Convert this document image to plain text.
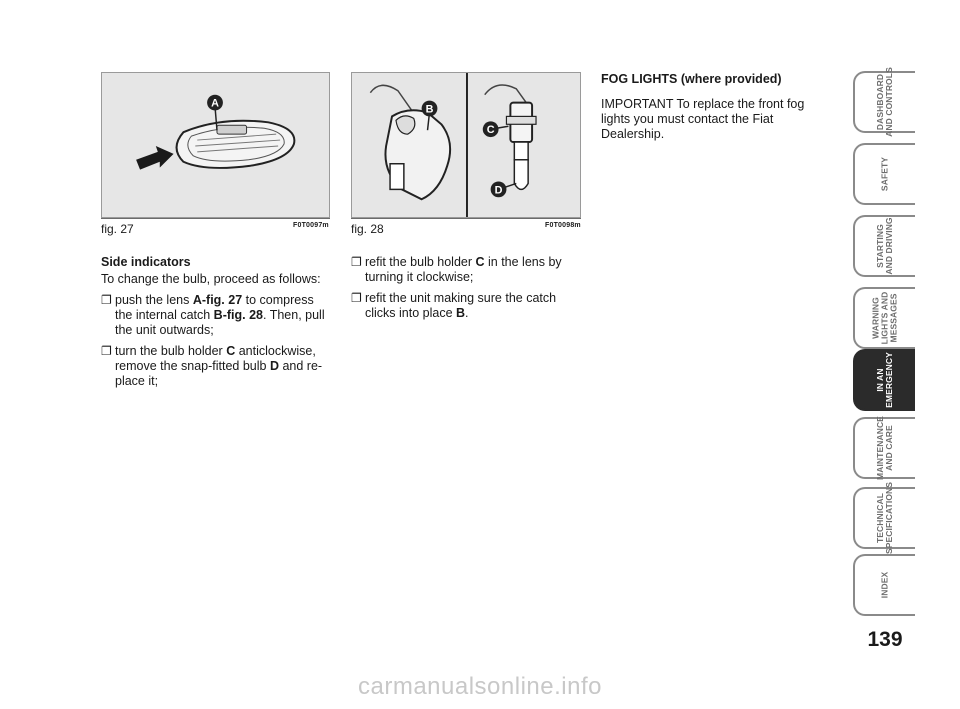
A
fig. 27	F0T0097m
B
C
D
fig. 28	F0T0098m
Side indicators
To change the bulb, proceed as follows:
❐ push the lens A-fig. 27 to compress the internal catch B-fig. 28. Then, pull the unit outwards;
❐ turn the bulb holder C anticlockwise, remove the snap-fitted bulb D and re-place it;
❐ refit the bulb holder C in the lens by turning it clockwise;
❐ refit the unit making sure the catch clicks into place B.
FOG LIGHTS (where provided)
IMPORTANT To replace the front fog lights you must contact the Fiat Dealership.
DASHBOARD
AND CONTROLS
SAFETY
STARTING
AND DRIVING
WARNING
LIGHTS AND
MESSAGES
IN AN
EMERGENCY
MAINTENANCE
AND CARE
TECHNICAL
SPECIFICATIONS
INDEX
139
carmanualsonline.info
